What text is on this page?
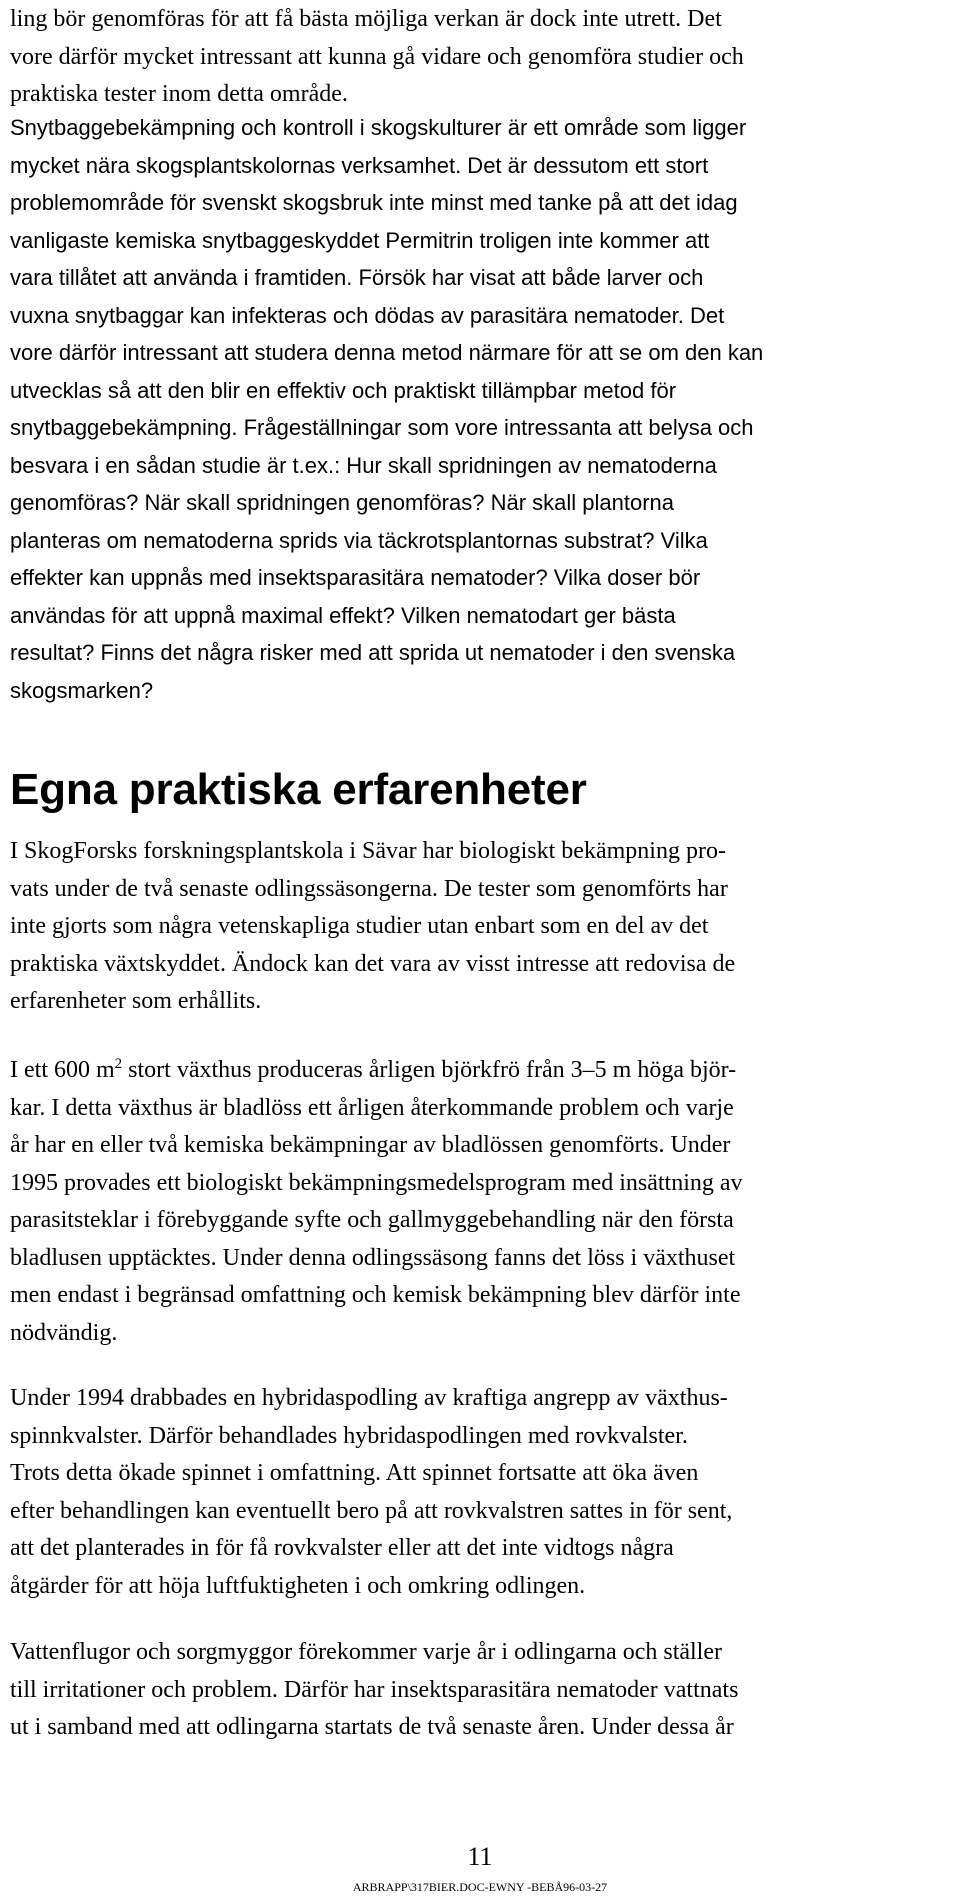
ling bör genomföras för att få bästa möjliga verkan är dock inte utrett. Det
vore därför mycket intressant att kunna gå vidare och genomföra studier och
praktiska tester inom detta område.
Snytbaggebekämpning och kontroll i skogskulturer är ett område som ligger
mycket nära skogsplantskolornas verksamhet. Det är dessutom ett stort
problemområde för svenskt skogsbruk inte minst med tanke på att det idag
vanligaste kemiska snytbaggeskyddet Permitrin troligen inte kommer att
vara tillåtet att använda i framtiden. Försök har visat att både larver och
vuxna snytbaggar kan infekteras och dödas av parasitära nematoder. Det
vore därför intressant att studera denna metod närmare för att se om den kan
utvecklas så att den blir en effektiv och praktiskt tillämpbar metod för
snytbaggebekämpning. Frågeställningar som vore intressanta att belysa och
besvara i en sådan studie är t.ex.: Hur skall spridningen av nematoderna
genomföras? När skall spridningen genomföras? När skall plantorna
planteras om nematoderna sprids via täckrotsplantornas substrat? Vilka
effekter kan uppnås med insektsparasitära nematoder? Vilka doser bör
användas för att uppnå maximal effekt? Vilken nematodart ger bästa
resultat? Finns det några risker med att sprida ut nematoder i den svenska
skogsmarken?
Egna praktiska erfarenheter
I SkogForsks forskningsplantskola i Sävar har biologiskt bekämpning pro-
vats under de två senaste odlingssäsongerna. De tester som genomförts har
inte gjorts som några vetenskapliga studier utan enbart som en del av det
praktiska växtskyddet. Ändock kan det vara av visst intresse att redovisa de
erfarenheter som erhållits.
I ett 600 $m^2$ stort växthus produceras årligen björkfrö från 3–5 m höga björ-
kar. I detta växthus är bladlöss ett årligen återkommande problem och varje
år har en eller två kemiska bekämpningar av bladlössen genomförts. Under
1995 provades ett biologiskt bekämpningsmedelsprogram med insättning av
parasitsteklar i förebyggande syfte och gallmyggebehandling när den första
bladlusen upptäcktes. Under denna odlingssäsong fanns det löss i växthuset
men endast i begränsad omfattning och kemisk bekämpning blev därför inte
nödvändig.
Under 1994 drabbades en hybridaspodling av kraftiga angrepp av växthus-
spinnkvalster. Därför behandlades hybridaspodlingen med rovkvalster.
Trots detta ökade spinnet i omfattning. Att spinnet fortsatte att öka även
efter behandlingen kan eventuellt bero på att rovkvalstren sattes in för sent,
att det planterades in för få rovkvalster eller att det inte vidtogs några
åtgärder för att höja luftfuktigheten i och omkring odlingen.
Vattenflugor och sorgmyggor förekommer varje år i odlingarna och ställer
till irritationer och problem. Därför har insektsparasitära nematoder vattnats
ut i samband med att odlingarna startats de två senaste åren. Under dessa år
11
ARBRAPP\317BIER.DOC-EWNY -BEBÅ96-03-27
